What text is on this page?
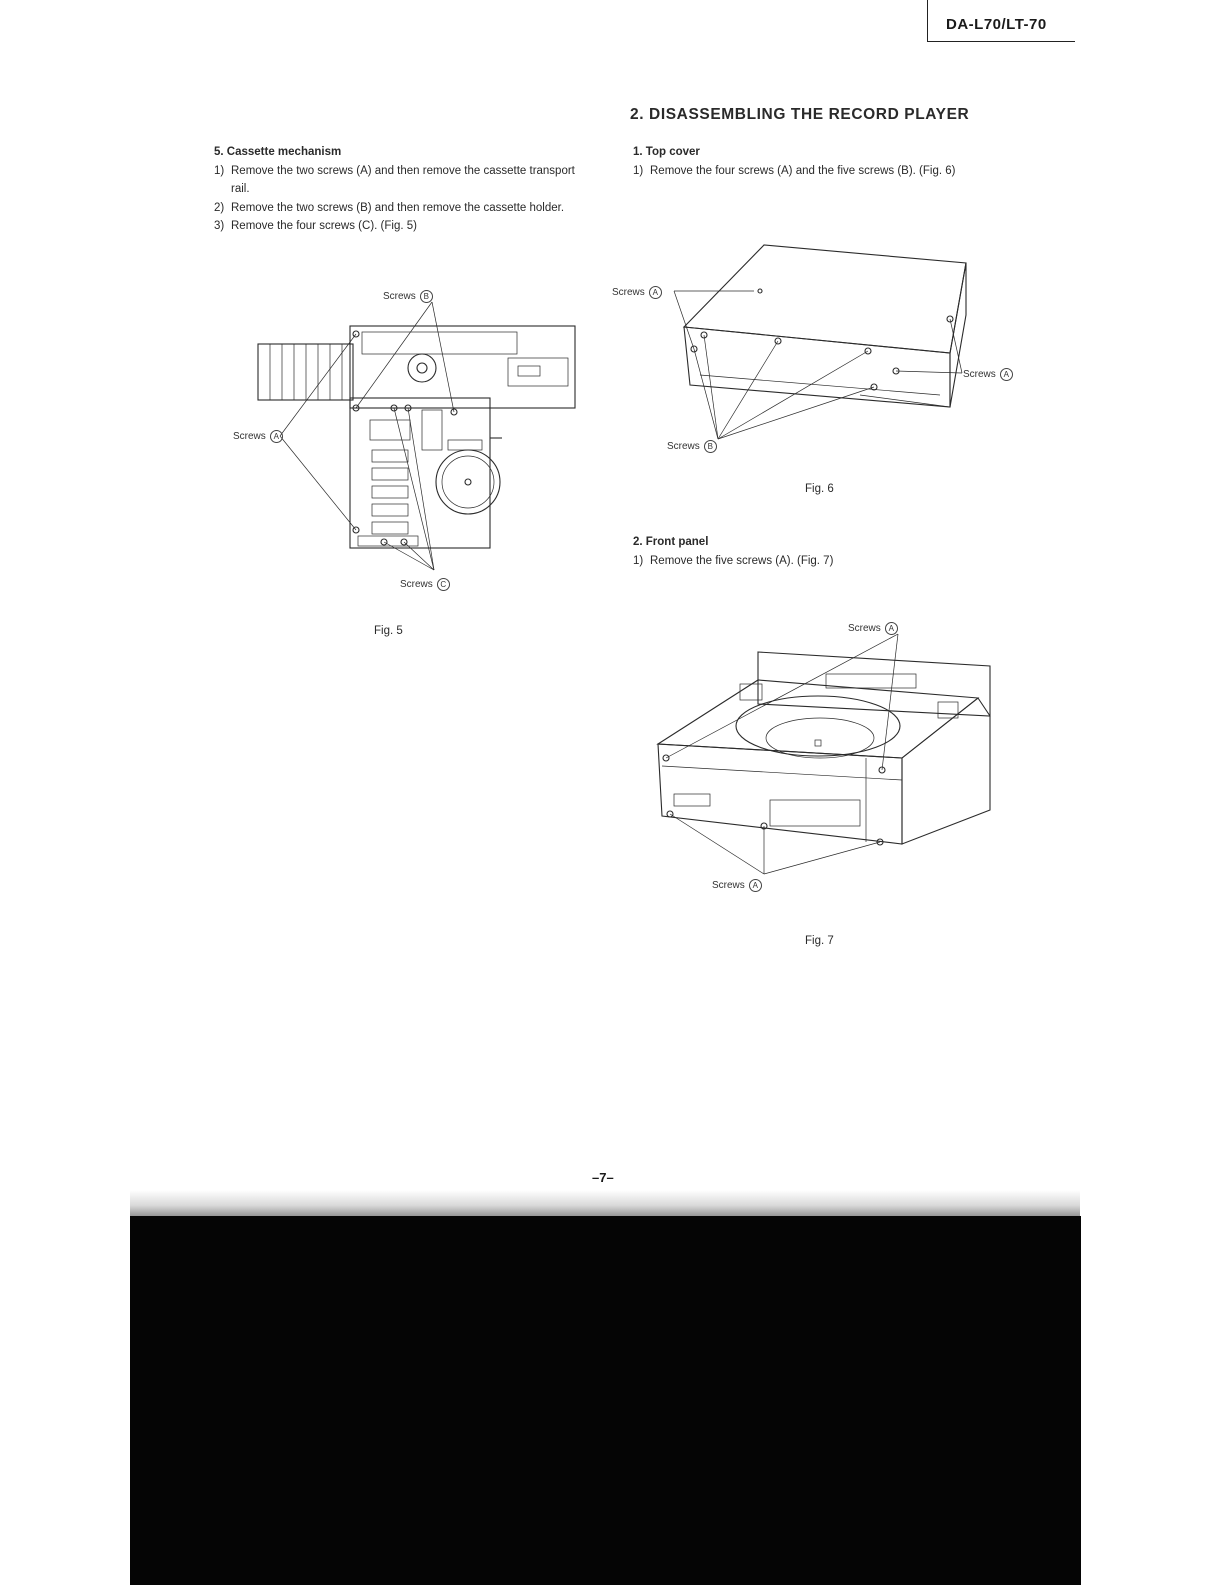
DA-L70/LT-70
5. Cassette mechanism
1) Remove the two screws (A) and then remove the cassette transport rail.
2) Remove the two screws (B) and then remove the cassette holder.
3) Remove the four screws (C). (Fig. 5)
2. DISASSEMBLING THE RECORD PLAYER
1. Top cover
1) Remove the four screws (A) and the five screws (B). (Fig. 6)
2. Front panel
1) Remove the five screws (A). (Fig. 7)
Screws B
Screws A
Screws C
Fig. 5
Screws A
Screws A
Screws B
Fig. 6
Screws A
Screws A
Fig. 7
–7–
